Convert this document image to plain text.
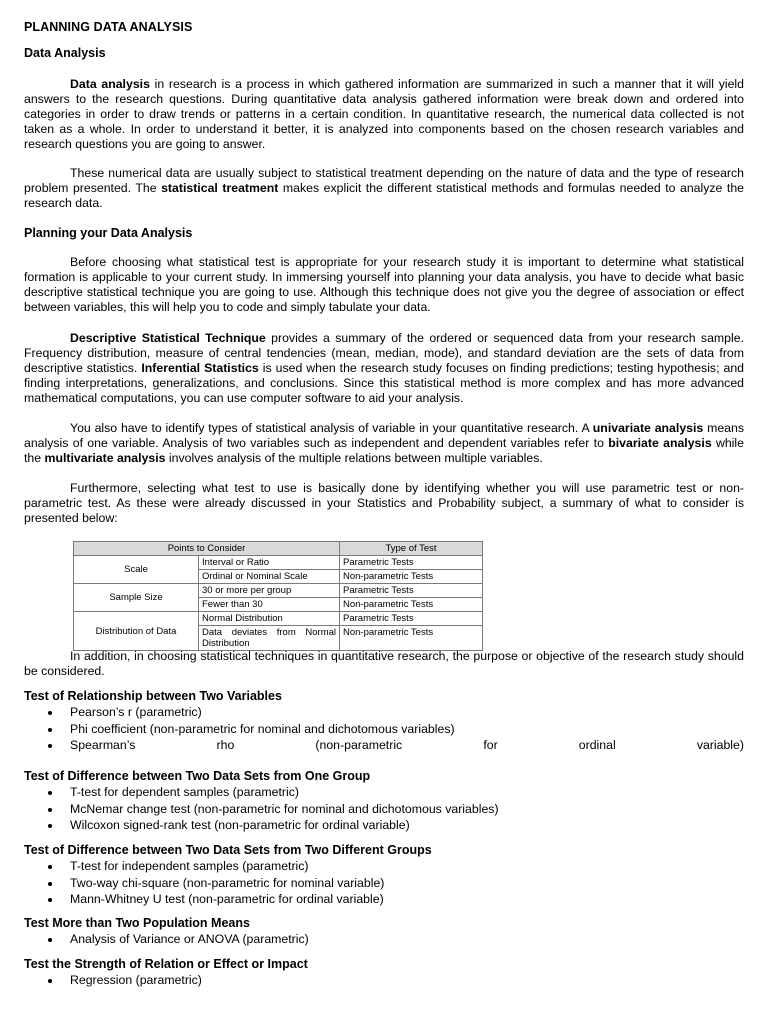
PLANNING DATA ANALYSIS
Data Analysis
Data analysis in research is a process in which gathered information are summarized in such a manner that it will yield answers to the research questions. During quantitative data analysis gathered information were break down and ordered into categories in order to draw trends or patterns in a certain condition. In quantitative research, the numerical data collected is not taken as a whole. In order to understand it better, it is analyzed into components based on the chosen research variables and research questions you are going to answer.
These numerical data are usually subject to statistical treatment depending on the nature of data and the type of research problem presented. The statistical treatment makes explicit the different statistical methods and formulas needed to analyze the research data.
Planning your Data Analysis
Before choosing what statistical test is appropriate for your research study it is important to determine what statistical formation is applicable to your current study. In immersing yourself into planning your data analysis, you have to decide what basic descriptive statistical technique you are going to use. Although this technique does not give you the degree of association or effect between variables, this will help you to code and simply tabulate your data.
Descriptive Statistical Technique provides a summary of the ordered or sequenced data from your research sample. Frequency distribution, measure of central tendencies (mean, median, mode), and standard deviation are the sets of data from descriptive statistics. Inferential Statistics is used when the research study focuses on finding predictions; testing hypothesis; and finding interpretations, generalizations, and conclusions. Since this statistical method is more complex and has more advanced mathematical computations, you can use computer software to aid your analysis.
You also have to identify types of statistical analysis of variable in your quantitative research. A univariate analysis means analysis of one variable. Analysis of two variables such as independent and dependent variables refer to bivariate analysis while the multivariate analysis involves analysis of the multiple relations between multiple variables.
Furthermore, selecting what test to use is basically done by identifying whether you will use parametric test or non-parametric test. As these were already discussed in your Statistics and Probability subject, a summary of what to consider is presented below:
Points to Consider		Type of Test
Scale	Interval or Ratio	Parametric Tests
	Ordinal or Nominal Scale	Non-parametric Tests
Sample Size	30 or more per group	Parametric Tests
	Fewer than 30	Non-parametric Tests
Distribution of Data	Normal Distribution	Parametric Tests
	Data deviates from Normal Distribution	Non-parametric Tests
In addition, in choosing statistical techniques in quantitative research, the purpose or objective of the research study should be considered.
Test of Relationship between Two Variables
Pearson’s r (parametric)
Phi coefficient (non-parametric for nominal and dichotomous variables)
Spearman’s	rho	(non-parametric	for	ordinal	variable)
Test of Difference between Two Data Sets from One Group
T-test for dependent samples (parametric)
McNemar change test (non-parametric for nominal and dichotomous variables)
Wilcoxon signed-rank test (non-parametric for ordinal variable)
Test of Difference between Two Data Sets from Two Different Groups
T-test for independent samples (parametric)
Two-way chi-square (non-parametric for nominal variable)
Mann-Whitney U test (non-parametric for ordinal variable)
Test More than Two Population Means
Analysis of Variance or ANOVA (parametric)
Test the Strength of Relation or Effect or Impact
Regression (parametric)
